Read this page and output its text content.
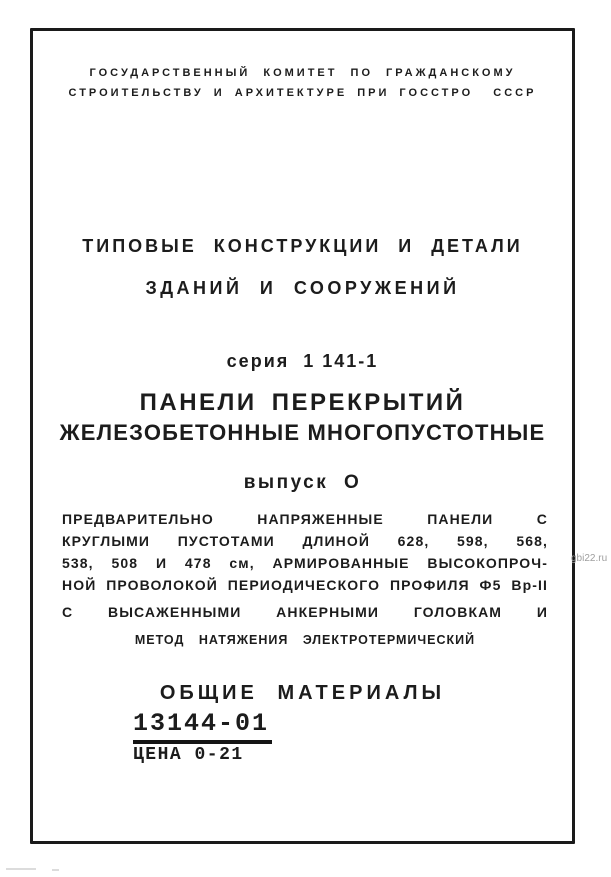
ГОСУДАРСТВЕННЫЙ КОМИТЕТ ПО ГРАЖДАНСКОМУ
СТРОИТЕЛЬСТВУ И АРХИТЕКТУРЕ ПРИ ГОССТРО  СССР
ТИПОВЫЕ КОНСТРУКЦИИ И ДЕТАЛИ
ЗДАНИЙ И СООРУЖЕНИЙ
серия  1 141-1
ПАНЕЛИ ПЕРЕКРЫТИЙ
ЖЕЛЕЗОБЕТОННЫЕ МНОГОПУСТОТНЫЕ
выпуск О
ПРЕДВАРИТЕЛЬНО НАПРЯЖЕННЫЕ ПАНЕЛИ С
КРУГЛЫМИ ПУСТОТАМИ ДЛИНОЙ 628, 598, 568,
538, 508 И 478 см, АРМИРОВАННЫЕ ВЫСОКОПРОЧ-
НОЙ ПРОВОЛОКОЙ ПЕРИОДИЧЕСКОГО ПРОФИЛЯ Ф5 Вр-II
С ВЫСАЖЕННЫМИ АНКЕРНЫМИ ГОЛОВКАМ И
МЕТОД НАТЯЖЕНИЯ ЭЛЕКТРОТЕРМИЧЕСКИЙ
ОБЩИЕ МАТЕРИАЛЫ
13144-01
ЦЕНА 0-21
gbi22.ru
